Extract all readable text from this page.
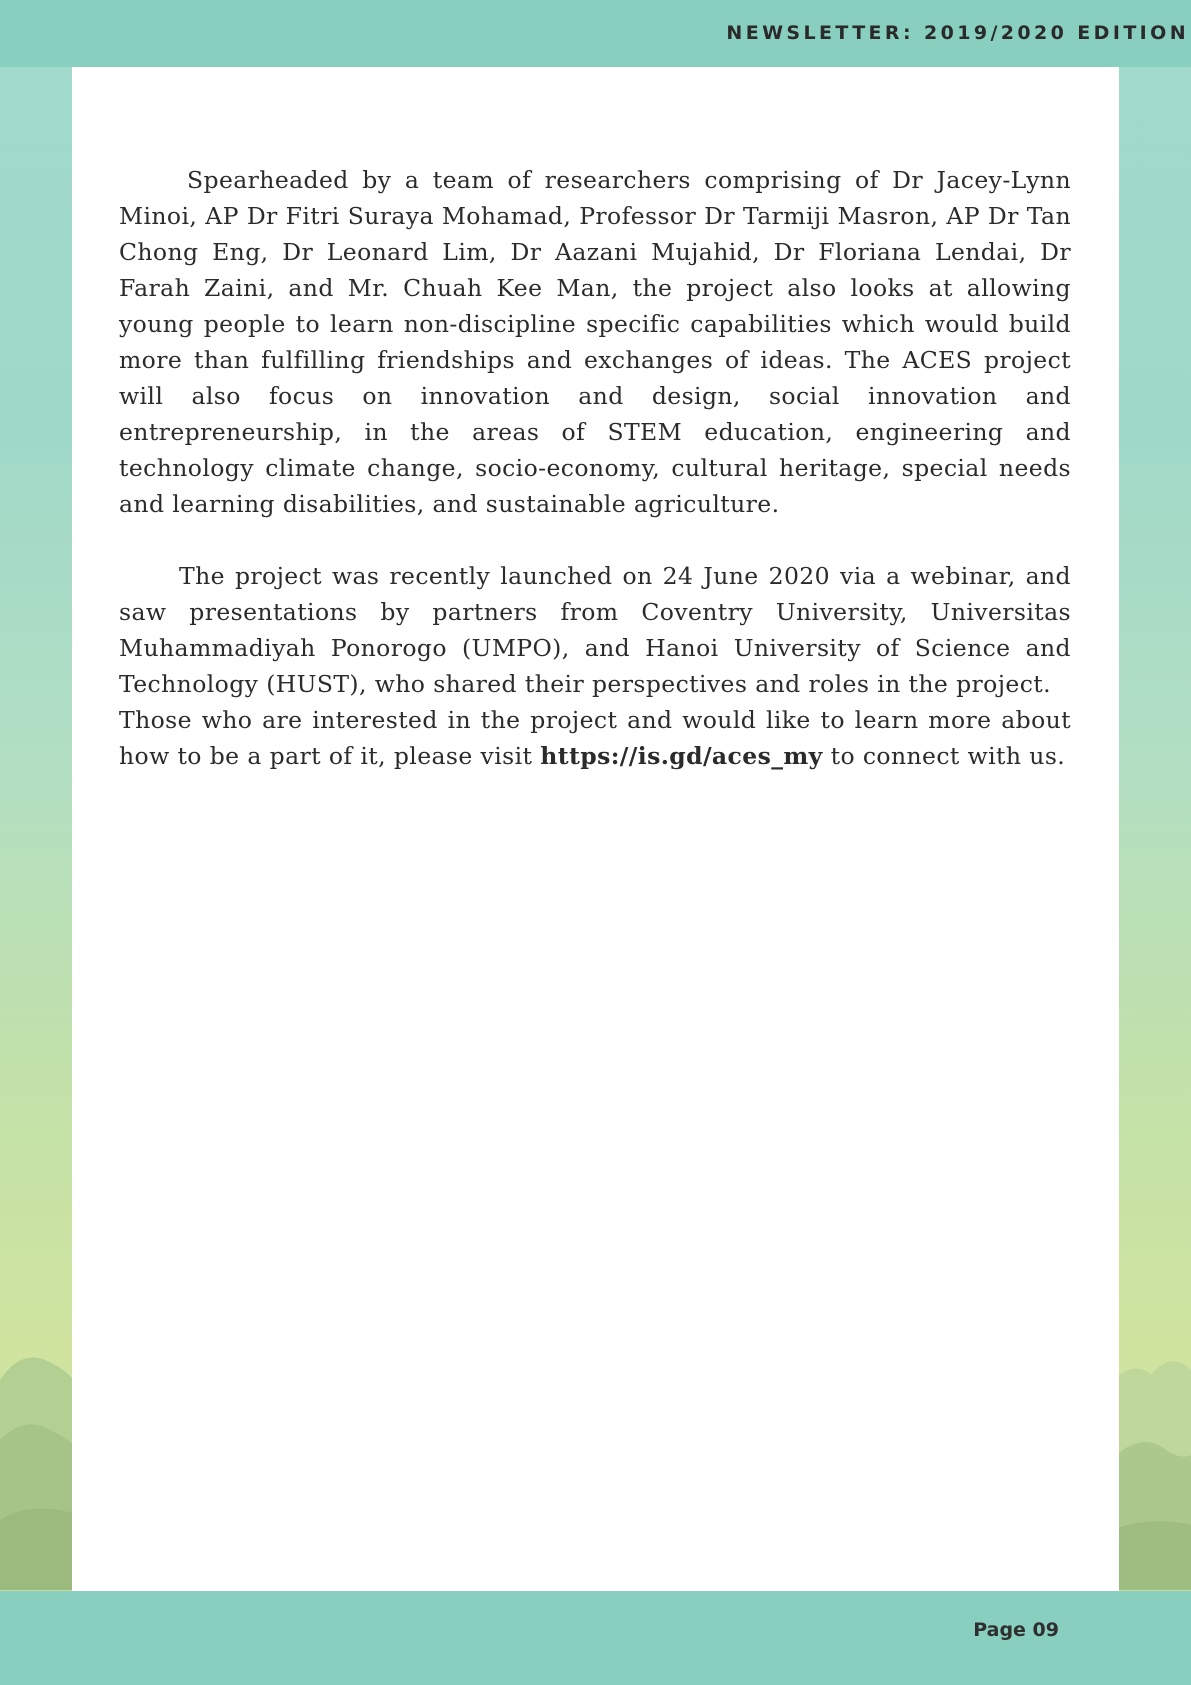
NEWSLETTER: 2019/2020 EDITION

Spearheaded by a team of researchers comprising of Dr Jacey-Lynn Minoi, AP Dr Fitri Suraya Mohamad, Professor Dr Tarmiji Masron, AP Dr Tan Chong Eng, Dr Leonard Lim, Dr Aazani Mujahid, Dr Floriana Lendai, Dr Farah Zaini, and Mr. Chuah Kee Man, the project also looks at allowing young people to learn non-discipline specific capabilities which would build more than fulfilling friendships and exchanges of ideas. The ACES project will also focus on innovation and design, social innovation and entrepreneurship, in the areas of STEM education, engineering and technology climate change, socio-economy, cultural heritage, special needs and learning disabilities, and sustainable agriculture.

The project was recently launched on 24 June 2020 via a webinar, and saw presentations by partners from Coventry University, Universitas Muhammadiyah Ponorogo (UMPO), and Hanoi University of Science and Technology (HUST), who shared their perspectives and roles in the project.

Those who are interested in the project and would like to learn more about how to be a part of it, please visit https://is.gd/aces_my to connect with us.

Page 09
